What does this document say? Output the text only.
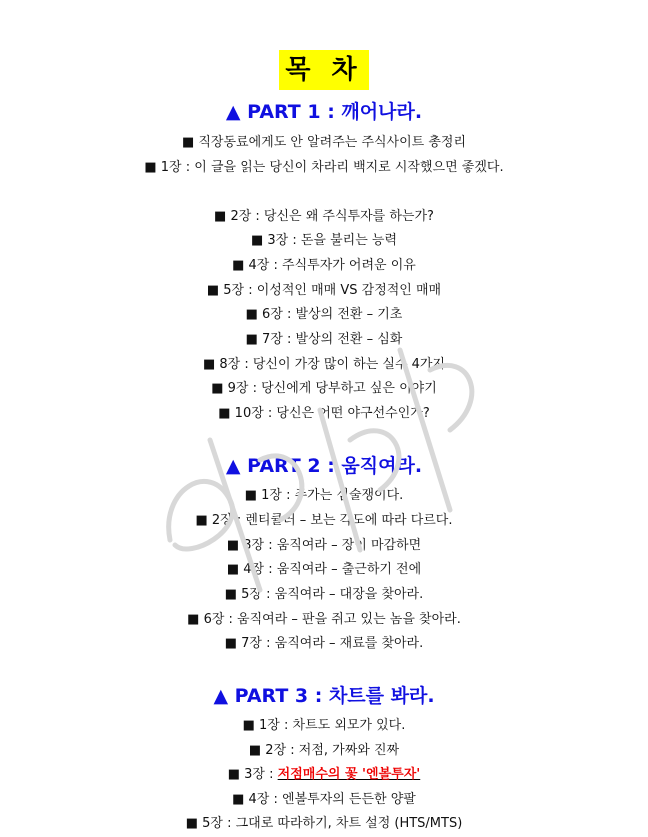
목 차
▲ PART 1 : 깨어나라.
■ 직장동료에게도 안 알려주는 주식사이트 총정리
■ 1장 : 이 글을 읽는 당신이 차라리 백지로 시작했으면 좋겠다.
■ 2장 : 당신은 왜 주식투자를 하는가?
■ 3장 : 돈을 불리는 능력
■ 4장 : 주식투자가 어려운 이유
■ 5장 : 이성적인 매매 VS 감정적인 매매
■ 6장 : 발상의 전환 – 기초
■ 7장 : 발상의 전환 – 심화
■ 8장 : 당신이 가장 많이 하는 실수 4가지
■ 9장 : 당신에게 당부하고 싶은 이야기
■ 10장 : 당신은 어떤 야구선수인가?
▲ PART 2 : 움직여라.
■ 1장 : 주가는 심술쟁이다.
■ 2장 : 렌티큘러 – 보는 각도에 따라 다르다.
■ 3장 : 움직여라 – 장이 마감하면
■ 4장 : 움직여라 – 출근하기 전에
■ 5장 : 움직여라 – 대장을 찾아라.
■ 6장 : 움직여라 – 판을 쥐고 있는 놈을 찾아라.
■ 7장 : 움직여라 – 재료를 찾아라.
▲ PART 3 : 차트를 봐라.
■ 1장 : 차트도 외모가 있다.
■ 2장 : 저점, 가짜와 진짜
■ 3장 : 저점매수의 꽃 '엔볼투자'
■ 4장 : 엔볼투자의 든든한 양팔
■ 5장 : 그대로 따라하기, 차트 설정 (HTS/MTS)
